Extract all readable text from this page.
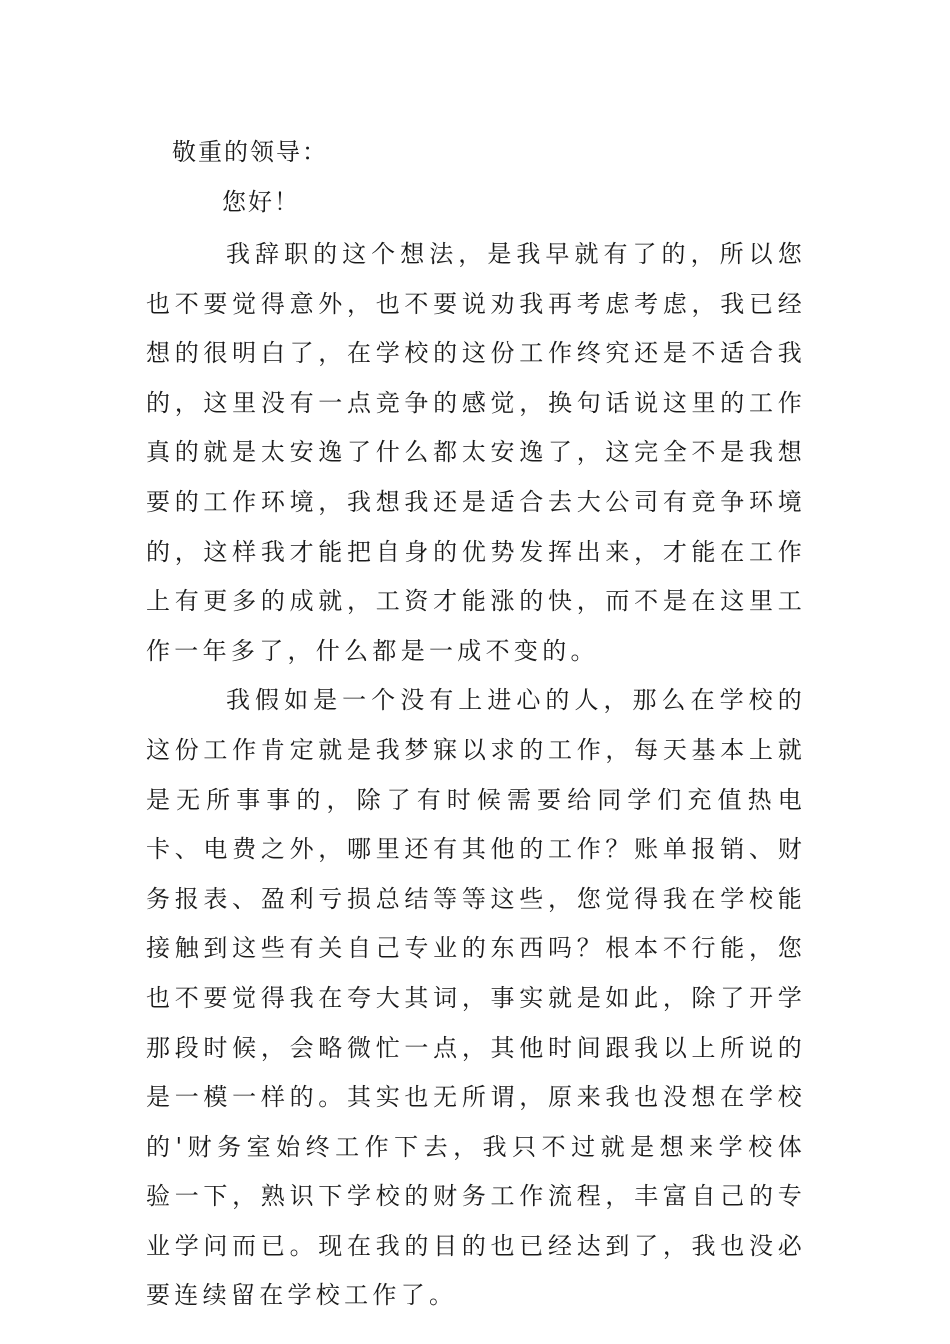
敬重的领导：
您好！

我辞职的这个想法，是我早就有了的，所以您也不要觉得意外，也不要说劝我再考虑考虑，我已经想的很明白了，在学校的这份工作终究还是不适合我的，这里没有一点竞争的感觉，换句话说这里的工作真的就是太安逸了什么都太安逸了，这完全不是我想要的工作环境，我想我还是适合去大公司有竞争环境的，这样我才能把自身的优势发挥出来，才能在工作上有更多的成就，工资才能涨的快，而不是在这里工作一年多了，什么都是一成不变的。

我假如是一个没有上进心的人，那么在学校的这份工作肯定就是我梦寐以求的工作，每天基本上就是无所事事的，除了有时候需要给同学们充值热电卡、电费之外，哪里还有其他的工作？账单报销、财务报表、盈利亏损总结等等这些，您觉得我在学校能接触到这些有关自己专业的东西吗？根本不行能，您也不要觉得我在夸大其词，事实就是如此，除了开学那段时候，会略微忙一点，其他时间跟我以上所说的是一模一样的。其实也无所谓，原来我也没想在学校的'财务室始终工作下去，我只不过就是想来学校体验一下，熟识下学校的财务工作流程，丰富自己的专业学问而已。现在我的目的也已经达到了，我也没必要连续留在学校工作了。
